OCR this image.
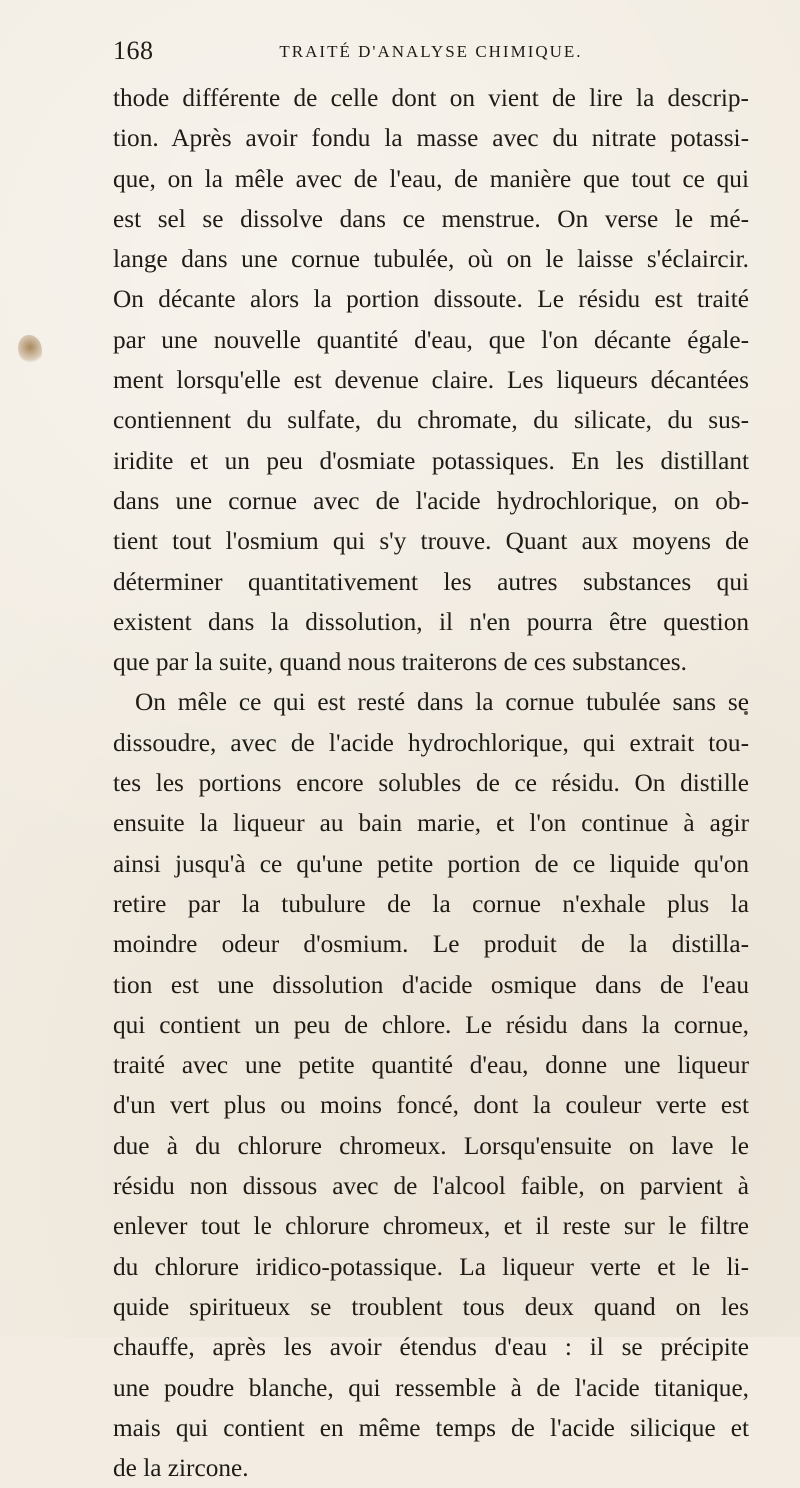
168	TRAITÉ D'ANALYSE CHIMIQUE.
thode différente de celle dont on vient de lire la descrip-
tion. Après avoir fondu la masse avec du nitrate potassi-
que, on la mêle avec de l'eau, de manière que tout ce qui
est sel se dissolve dans ce menstrue. On verse le mé-
lange dans une cornue tubulée, où on le laisse s'éclaircir.
On décante alors la portion dissoute. Le résidu est traité
par une nouvelle quantité d'eau, que l'on décante égale-
ment lorsqu'elle est devenue claire. Les liqueurs décantées
contiennent du sulfate, du chromate, du silicate, du sus-
iridite et un peu d'osmiate potassiques. En les distillant
dans une cornue avec de l'acide hydrochlorique, on ob-
tient tout l'osmium qui s'y trouve. Quant aux moyens de
déterminer quantitativement les autres substances qui
existent dans la dissolution, il n'en pourra être question
que par la suite, quand nous traiterons de ces substances.
On mêle ce qui est resté dans la cornue tubulée sans se
dissoudre, avec de l'acide hydrochlorique, qui extrait tou-
tes les portions encore solubles de ce résidu. On distille
ensuite la liqueur au bain marie, et l'on continue à agir
ainsi jusqu'à ce qu'une petite portion de ce liquide qu'on
retire par la tubulure de la cornue n'exhale plus la
moindre odeur d'osmium. Le produit de la distilla-
tion est une dissolution d'acide osmique dans de l'eau
qui contient un peu de chlore. Le résidu dans la cornue,
traité avec une petite quantité d'eau, donne une liqueur
d'un vert plus ou moins foncé, dont la couleur verte est
due à du chlorure chromeux. Lorsqu'ensuite on lave le
résidu non dissous avec de l'alcool faible, on parvient à
enlever tout le chlorure chromeux, et il reste sur le filtre
du chlorure iridico-potassique. La liqueur verte et le li-
quide spiritueux se troublent tous deux quand on les
chauffe, après les avoir étendus d'eau : il se précipite
une poudre blanche, qui ressemble à de l'acide titanique,
mais qui contient en même temps de l'acide silicique et
de la zircone.
